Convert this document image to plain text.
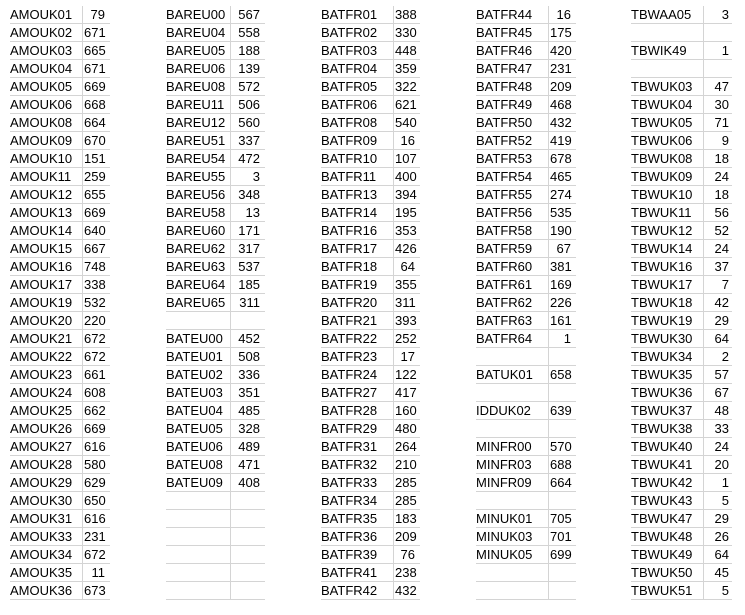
AMOUK01	79
AMOUK02 671
AMOUK03 665
AMOUK04 671
AMOUK05 669
AMOUK06 668
AMOUK08 664
AMOUK09 670
AMOUK10 151
AMOUK11 259
AMOUK12 655
AMOUK13 669
AMOUK14 640
AMOUK15 667
AMOUK16 748
AMOUK17 338
AMOUK19 532
AMOUK20 220
AMOUK21 672
AMOUK22 672
AMOUK23 661
AMOUK24 608
AMOUK25 662
AMOUK26 669
AMOUK27 616
AMOUK28 580
AMOUK29 629
AMOUK30 650
AMOUK31 616
AMOUK33 231
AMOUK34 672
AMOUK35	11
AMOUK36 673
BAREU00	567
BAREU04	558
BAREU05	188
BAREU06	139
BAREU08	572
BAREU11	506
BAREU12	560
BAREU51	337
BAREU54	472
BAREU55	3
BAREU56	348
BAREU58	13
BAREU60	171
BAREU62	317
BAREU63	537
BAREU64	185
BAREU65	311
BATEU00	452
BATEU01	508
BATEU02	336
BATEU03	351
BATEU04	485
BATEU05	328
BATEU06	489
BATEU08	471
BATEU09	408
BATFR01 388
BATFR02 330
BATFR03 448
BATFR04 359
BATFR05 322
BATFR06 621
BATFR08 540
BATFR09	16
BATFR10 107
BATFR11 400
BATFR13 394
BATFR14 195
BATFR16 353
BATFR17 426
BATFR18	64
BATFR19 355
BATFR20 311
BATFR21 393
BATFR22 252
BATFR23	17
BATFR24 122
BATFR27 417
BATFR28 160
BATFR29 480
BATFR31 264
BATFR32 210
BATFR33 285
BATFR34 285
BATFR35 183
BATFR36 209
BATFR39	76
BATFR41 238
BATFR42 432
BATFR44	16
BATFR45 175
BATFR46 420
BATFR47 231
BATFR48 209
BATFR49 468
BATFR50 432
BATFR52 419
BATFR53 678
BATFR54 465
BATFR55 274
BATFR56 535
BATFR58 190
BATFR59	67
BATFR60 381
BATFR61 169
BATFR62 226
BATFR63 161
BATFR64	1
BATUK01 658
IDDUK02 639
MINFR00 570
MINFR03 688
MINFR09 664
MINUK01 705
MINUK03 701
MINUK05 699
TBWAA05	3
TBWIK49	1
TBWUK03	47
TBWUK04	30
TBWUK05	71
TBWUK06	9
TBWUK08	18
TBWUK09	24
TBWUK10	18
TBWUK11	56
TBWUK12	52
TBWUK14	24
TBWUK16	37
TBWUK17	7
TBWUK18	42
TBWUK19	29
TBWUK30	64
TBWUK34	2
TBWUK35	57
TBWUK36	67
TBWUK37	48
TBWUK38	33
TBWUK40	24
TBWUK41	20
TBWUK42	1
TBWUK43	5
TBWUK47	29
TBWUK48	26
TBWUK49	64
TBWUK50	45
TBWUK51	5
